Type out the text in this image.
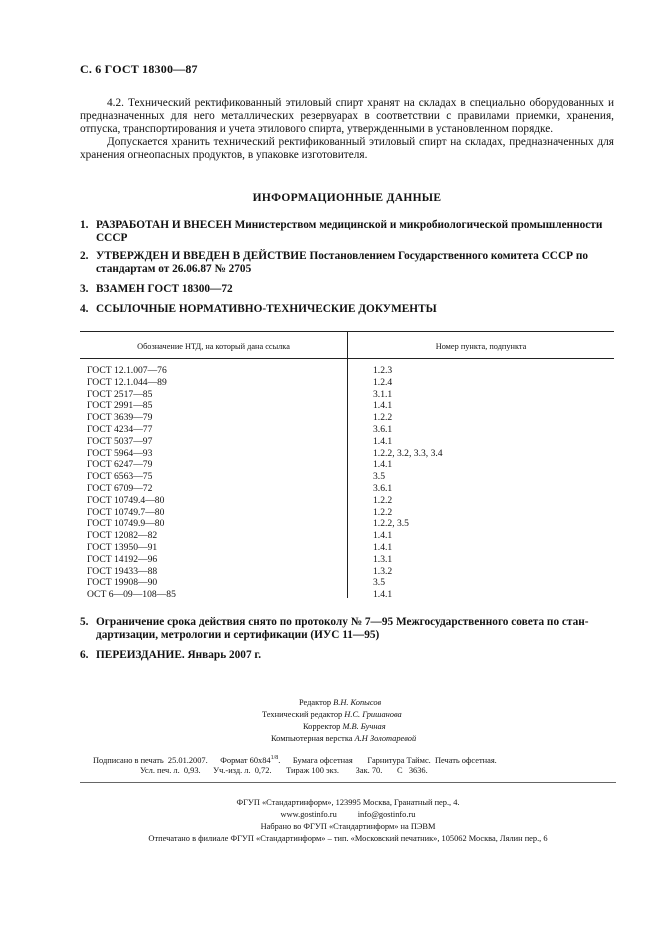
С. 6 ГОСТ 18300—87

4.2. Технический ректификованный этиловый спирт хранят на складах в специально оборудованных и предназначенных для него металлических резервуарах в соответствии с правилами приемки, хранения, отпуска, транспортирования и учета этилового спирта, утвержденными в установленном порядке.

Допускается хранить технический ректификованный этиловый спирт на складах, предназначенных для хранения огнеопасных продуктов, в упаковке изготовителя.

ИНФОРМАЦИОННЫЕ ДАННЫЕ
1. РАЗРАБОТАН И ВНЕСЕН Министерством медицинской и микробиологической промышленности СССР
2. УТВЕРЖДЕН И ВВЕДЕН В ДЕЙСТВИЕ Постановлением Государственного комитета СССР по стандартам от 26.06.87 № 2705
3. ВЗАМЕН ГОСТ 18300—72
4. ССЫЛОЧНЫЕ НОРМАТИВНО-ТЕХНИЧЕСКИЕ ДОКУМЕНТЫ
Обозначение НТД, на который дана ссылка	Номер пункта, подпункта
ГОСТ 12.1.007—76	1.2.3
ГОСТ 12.1.044—89	1.2.4
ГОСТ 2517—85	3.1.1
ГОСТ 2991—85	1.4.1
ГОСТ 3639—79	1.2.2
ГОСТ 4234—77	3.6.1
ГОСТ 5037—97	1.4.1
ГОСТ 5964—93	1.2.2, 3.2, 3.3, 3.4
ГОСТ 6247—79	1.4.1
ГОСТ 6563—75	3.5
ГОСТ 6709—72	3.6.1
ГОСТ 10749.4—80	1.2.2
ГОСТ 10749.7—80	1.2.2
ГОСТ 10749.9—80	1.2.2, 3.5
ГОСТ 12082—82	1.4.1
ГОСТ 13950—91	1.4.1
ГОСТ 14192—96	1.3.1
ГОСТ 19433—88	1.3.2
ГОСТ 19908—90	3.5
ОСТ 6—09—108—85	1.4.1
5. Ограничение срока действия снято по протоколу № 7—95 Межгосударственного совета по стандартизации, метрологии и сертификации (ИУС 11—95)
6. ПЕРЕИЗДАНИЕ. Январь 2007 г.
Редактор В.Н. Копысов
Технический редактор Н.С. Гришанова
Корректор М.В. Бучная
Компьютерная верстка А.Н Золотаревой
Подписано в печать  25.01.2007.      Формат $60x84^{1/8}$.      Бумага офсетная       Гарнитура Таймс.  Печать офсетная.
Усл. печ. л.  0,93.      Уч.-изд. л.  0,72.       Тираж 100 экз.        Зак. 70.       С   3636.
ФГУП «Стандартинформ», 123995 Москва, Гранатный пер., 4.
www.gostinfo.ru          info@gostinfo.ru
Набрано во ФГУП «Стандартинформ» на ПЭВМ
Отпечатано в филиале ФГУП «Стандартинформ» – тип. «Московский печатник», 105062 Москва, Лялин пер., 6
